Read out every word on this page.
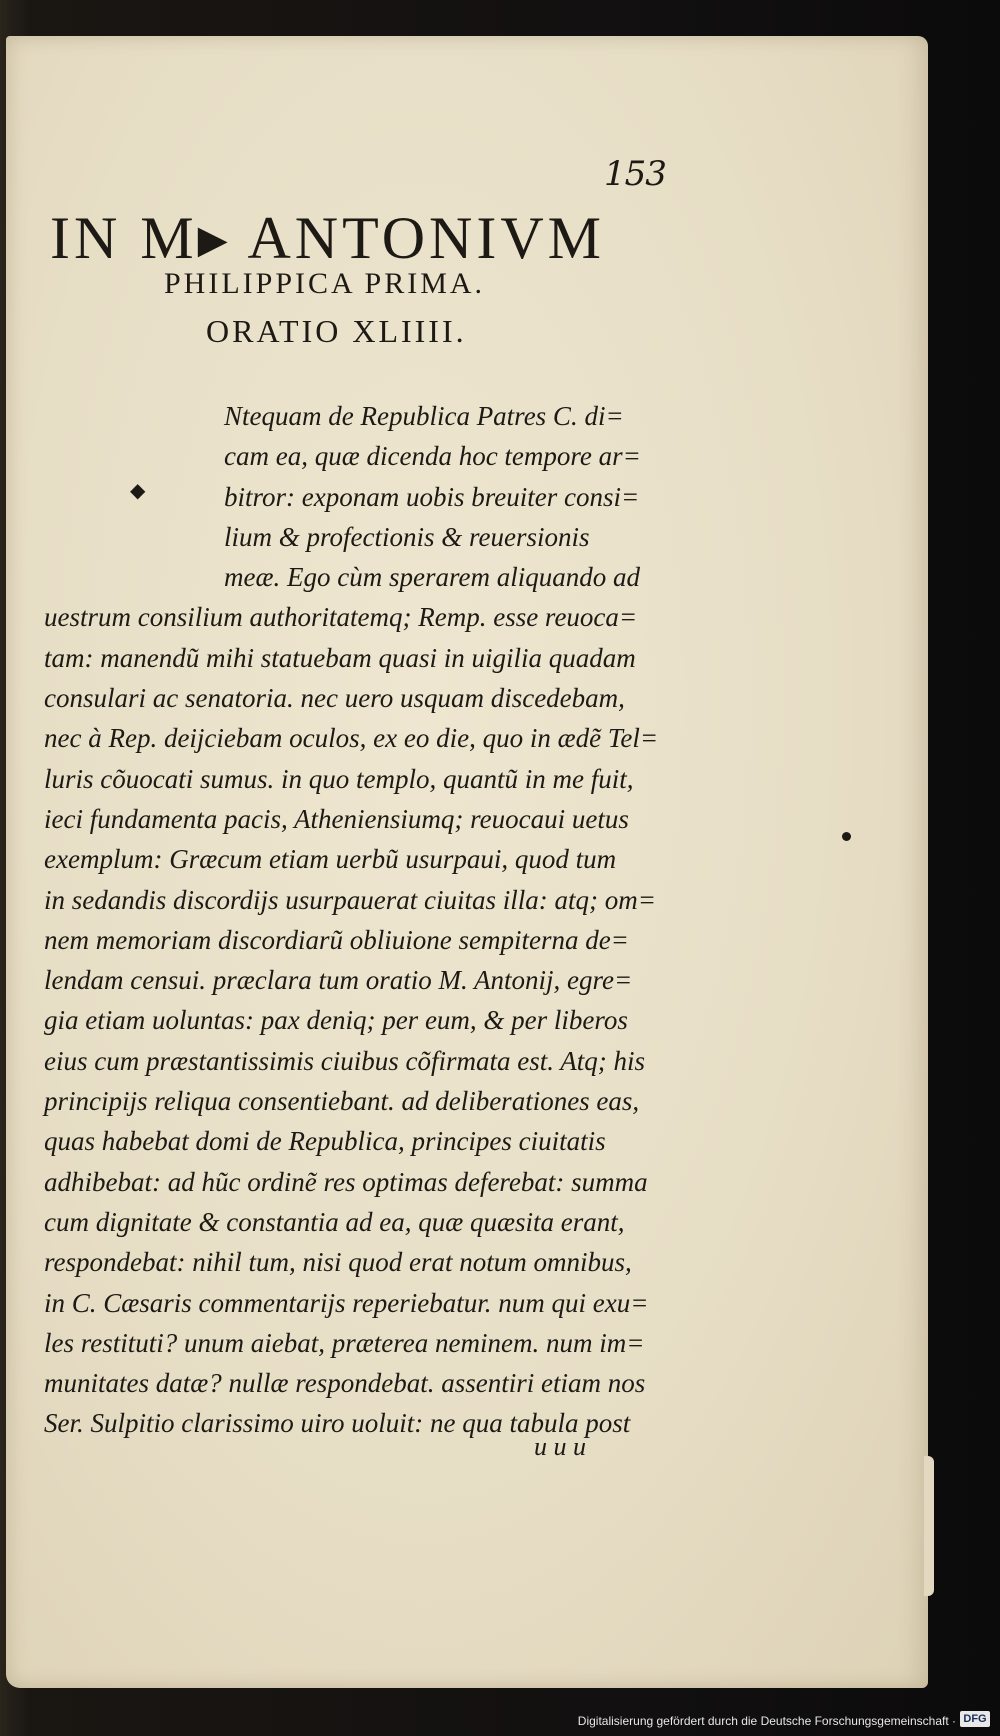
153
IN M▸ ANTONIVM
PHILIPPICA PRIMA.
ORATIO XLIIII.
◆
Ntequam de Republica Patres C. di=
cam ea, quæ dicenda hoc tempore ar=
bitror: exponam uobis breuiter consi=
lium & profectionis & reuersionis
meæ. Ego cùm sperarem aliquando ad
uestrum consilium authoritatemq; Remp. esse reuoca=
tam: manendũ mihi statuebam quasi in uigilia quadam
consulari ac senatoria. nec uero usquam discedebam,
nec à Rep. deijciebam oculos, ex eo die, quo in ædẽ Tel=
luris cõuocati sumus. in quo templo, quantũ in me fuit,
ieci fundamenta pacis, Atheniensiumq; reuocaui uetus
exemplum: Græcum etiam uerbũ usurpaui, quod tum
in sedandis discordijs usurpauerat ciuitas illa: atq; om=
nem memoriam discordiarũ obliuione sempiterna de=
lendam censui. præclara tum oratio M. Antonij, egre=
gia etiam uoluntas: pax deniq; per eum, & per liberos
eius cum præstantissimis ciuibus cõfirmata est. Atq; his
principijs reliqua consentiebant. ad deliberationes eas,
quas habebat domi de Republica, principes ciuitatis
adhibebat: ad hũc ordinẽ res optimas deferebat: summa
cum dignitate & constantia ad ea, quæ quæsita erant,
respondebat: nihil tum, nisi quod erat notum omnibus,
in C. Cæsaris commentarijs reperiebatur. num qui exu=
les restituti? unum aiebat, præterea neminem. num im=
munitates datæ? nullæ respondebat. assentiri etiam nos
Ser. Sulpitio clarissimo uiro uoluit: ne qua tabula post
u u u
Digitalisierung gefördert durch die Deutsche Forschungsgemeinschaft · DFG
